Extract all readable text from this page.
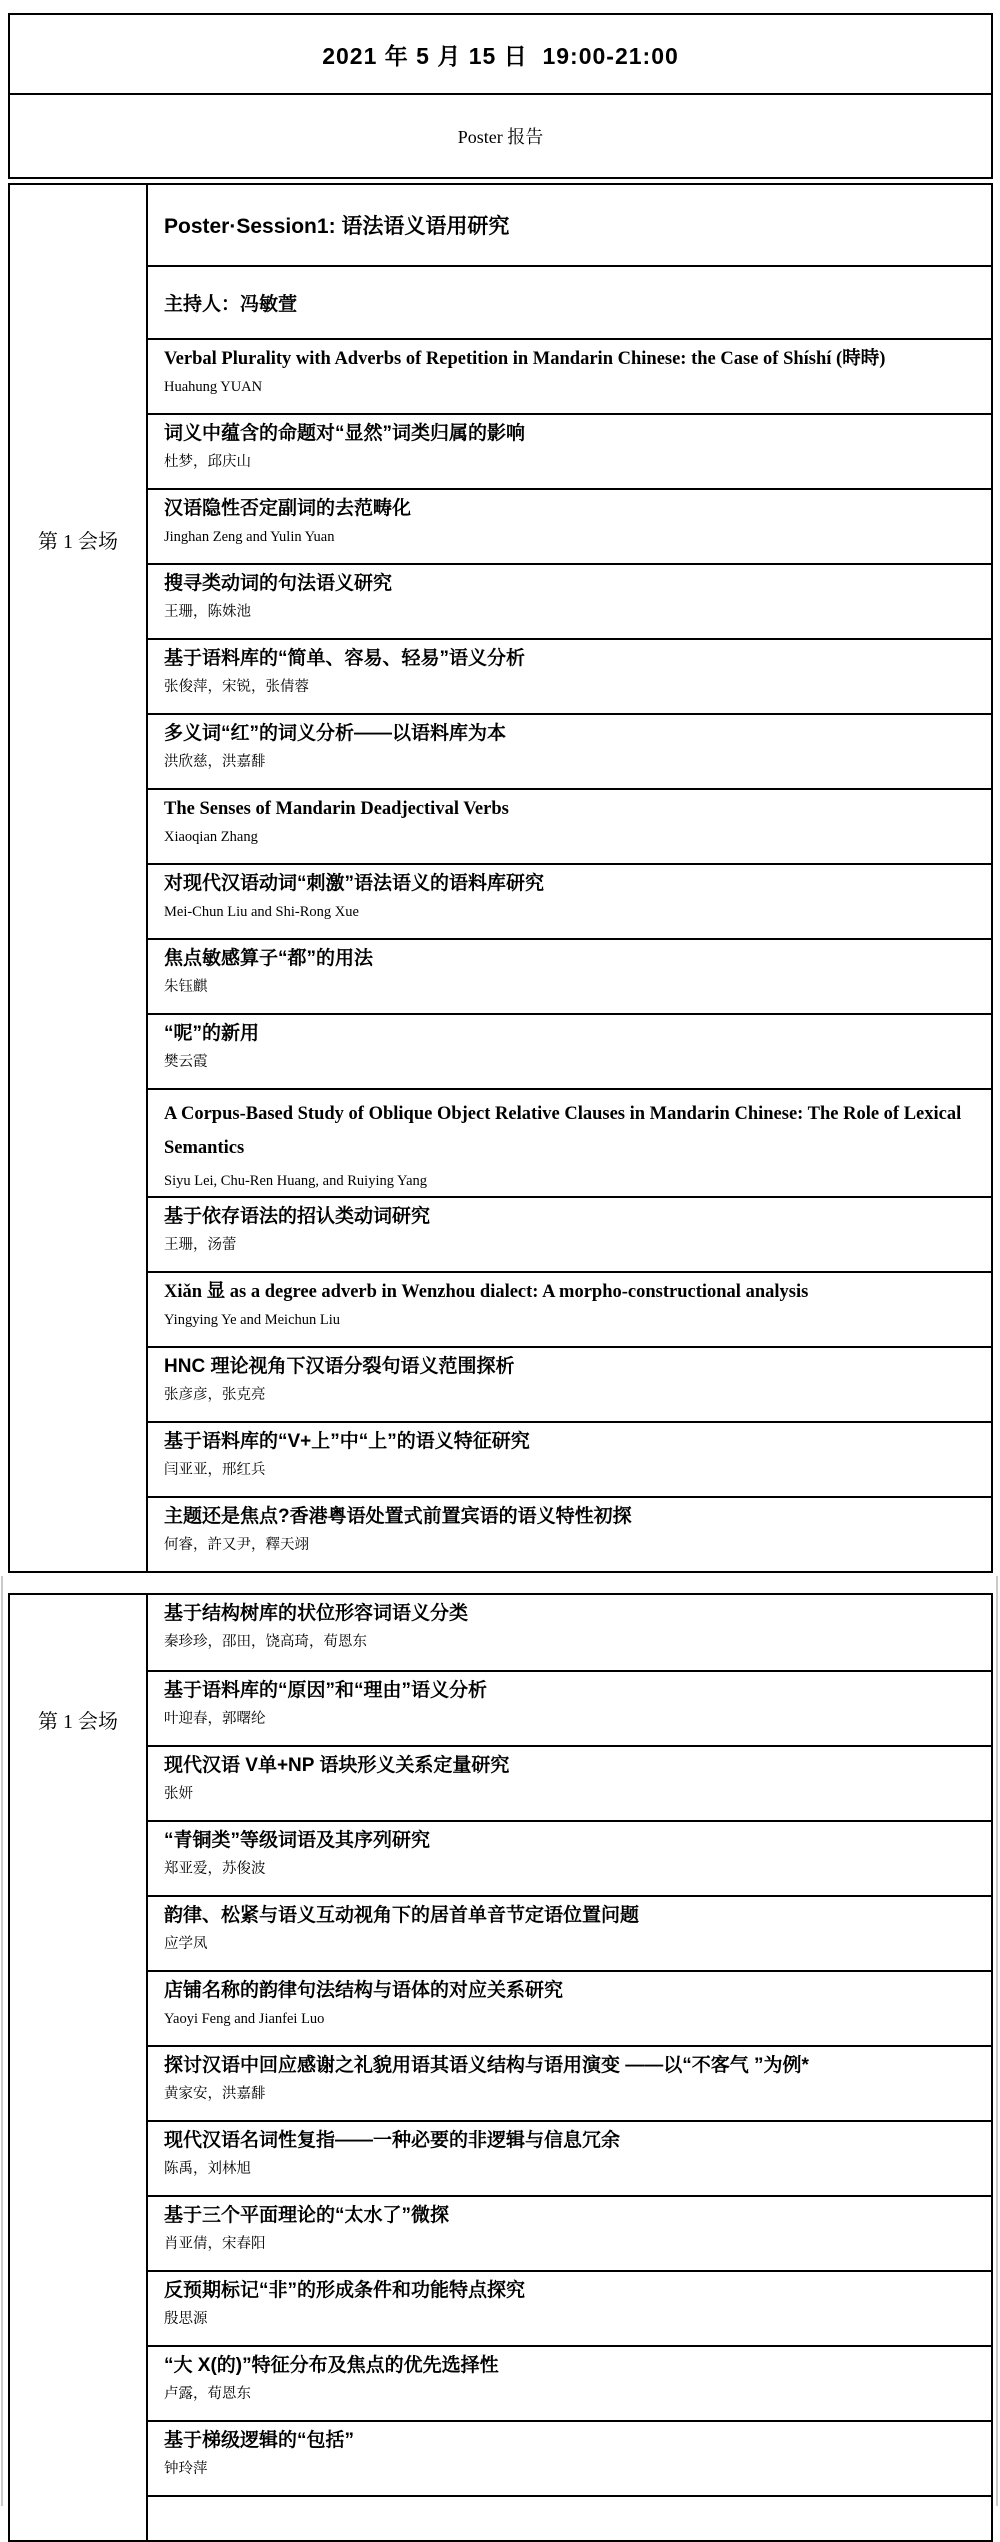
2021 年 5 月 15 日  19:00-21:00
Poster 报告
第 1 会场
Poster·Session1: 语法语义语用研究
主持人：冯敏萱
Verbal Plurality with Adverbs of Repetition in Mandarin Chinese: the Case of Shíshí (時時)
Huahung YUAN
词义中蕴含的命题对“显然”词类归属的影响
杜梦，邱庆山
汉语隐性否定副词的去范畴化
Jinghan Zeng and Yulin Yuan
搜寻类动词的句法语义研究
王珊，陈姝池
基于语料库的“简单、容易、轻易”语义分析
张俊萍，宋锐，张倩蓉
多义词“红”的词义分析——以语料库为本
洪欣慈，洪嘉馡
The Senses of Mandarin Deadjectival Verbs
Xiaoqian Zhang
对现代汉语动词“刺激”语法语义的语料库研究
Mei-Chun Liu and Shi-Rong Xue
焦点敏感算子“都”的用法
朱钰麒
“呢”的新用
樊云霞
A Corpus-Based Study of Oblique Object Relative Clauses in Mandarin Chinese: The Role of Lexical Semantics
Siyu Lei, Chu-Ren Huang, and Ruiying Yang
基于依存语法的招认类动词研究
王珊，汤蕾
Xiǎn 显 as a degree adverb in Wenzhou dialect: A morpho-constructional analysis
Yingying Ye and Meichun Liu
HNC 理论视角下汉语分裂句语义范围探析
张彦彦，张克亮
基于语料库的“V+上”中“上”的语义特征研究
闫亚亚，邢红兵
主题还是焦点?香港粤语处置式前置宾语的语义特性初探
何睿，許又尹，釋天翊
第 1 会场
基于结构树库的状位形容词语义分类
秦珍珍，邵田，饶高琦，荀恩东
基于语料库的“原因”和“理由”语义分析
叶迎春，郭曙纶
现代汉语 V单+NP 语块形义关系定量研究
张妍
“青铜类”等级词语及其序列研究
郑亚爱，苏俊波
韵律、松紧与语义互动视角下的居首单音节定语位置问题
应学凤
店铺名称的韵律句法结构与语体的对应关系研究
Yaoyi Feng and Jianfei Luo
探讨汉语中回应感谢之礼貌用语其语义结构与语用演变 ——以“不客气 ”为例*
黄家安，洪嘉馡
现代汉语名词性复指——一种必要的非逻辑与信息冗余
陈禹，刘林旭
基于三个平面理论的“太水了”微探
肖亚倩，宋春阳
反预期标记“非”的形成条件和功能特点探究
殷思源
“大 X(的)”特征分布及焦点的优先选择性
卢露，荀恩东
基于梯级逻辑的“包括”
钟玲萍
